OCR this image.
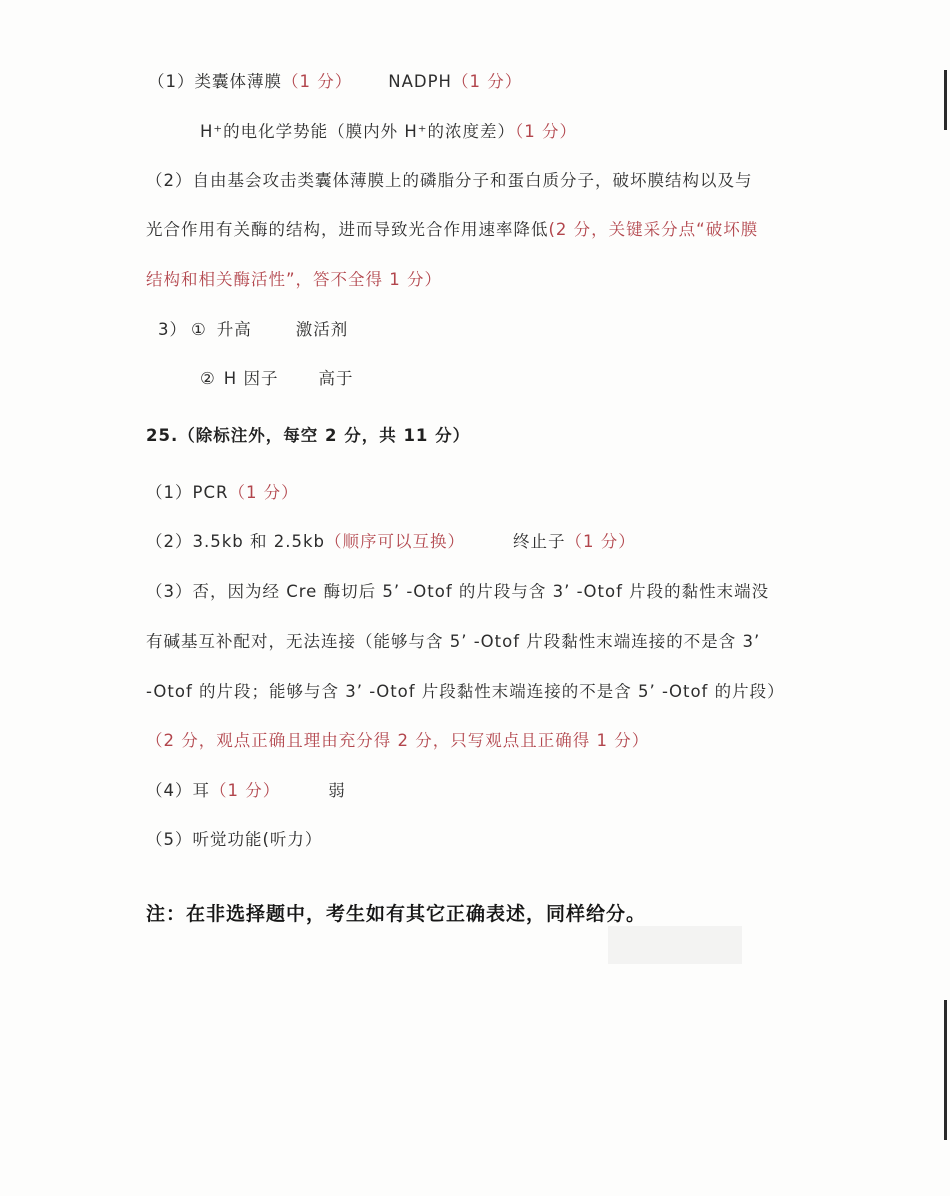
（1）类囊体薄膜（1 分） NADPH（1 分）
H⁺的电化学势能（膜内外 H⁺的浓度差）（1 分）
（2）自由基会攻击类囊体薄膜上的磷脂分子和蛋白质分子，破坏膜结构以及与
光合作用有关酶的结构，进而导致光合作用速率降低(2 分，关键采分点“破坏膜
结构和相关酶活性”，答不全得 1 分）
3） ① 升高	激活剂
② H 因子 高于
25.（除标注外，每空 2 分，共 11 分）
（1）PCR（1 分）
（2）3.5kb 和 2.5kb（顺序可以互换）	终止子（1 分）
（3）否，因为经 Cre 酶切后 5’ -Otof 的片段与含 3’ -Otof 片段的黏性末端没
有碱基互补配对，无法连接（能够与含 5’ -Otof 片段黏性末端连接的不是含 3’
-Otof 的片段；能够与含 3’ -Otof 片段黏性末端连接的不是含 5’ -Otof 的片段）
（2 分，观点正确且理由充分得 2 分，只写观点且正确得 1 分）
（4）耳（1 分）	弱
（5）听觉功能(听力）
注：在非选择题中，考生如有其它正确表述，同样给分。
